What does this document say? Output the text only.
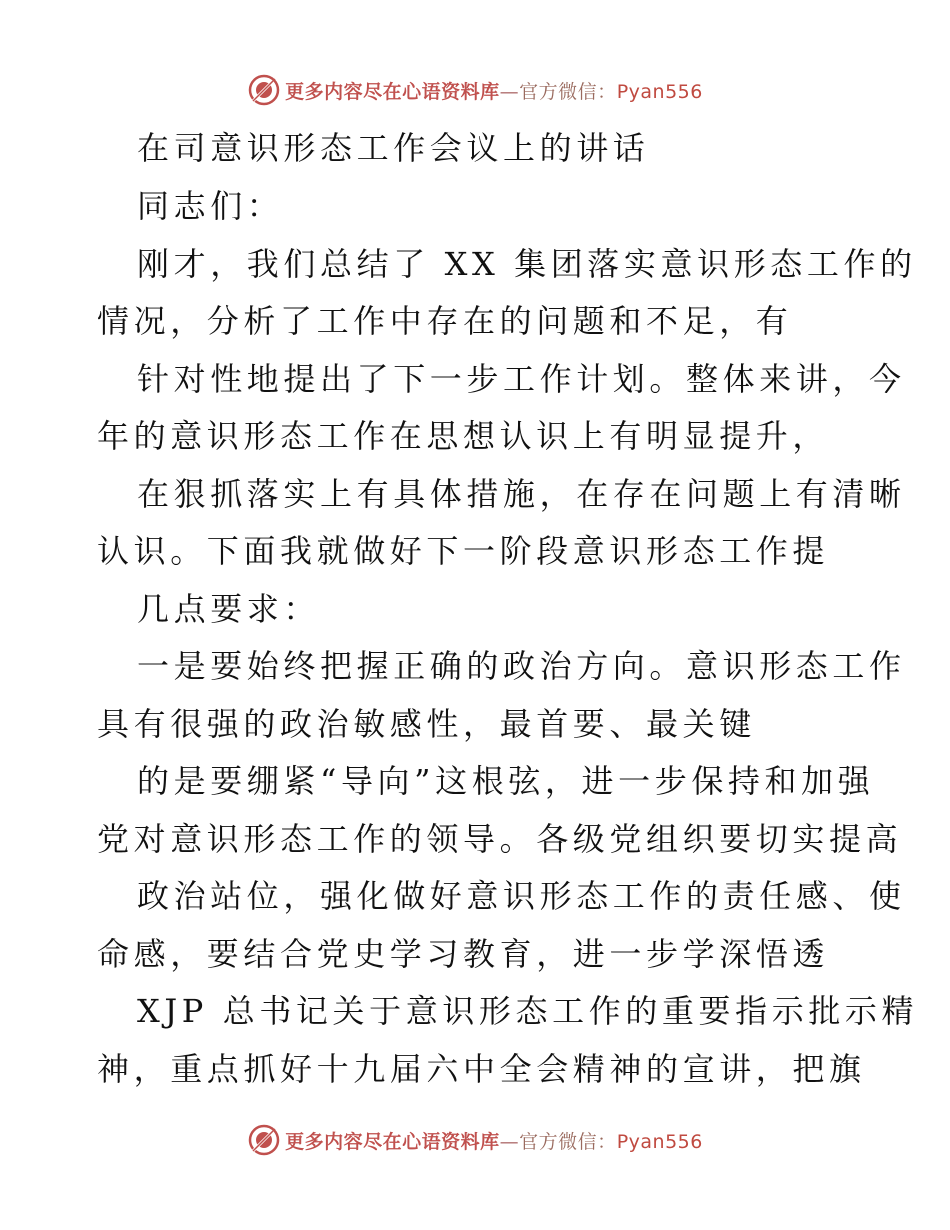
更多内容尽在心语资料库—官方微信：Pyan556
在司意识形态工作会议上的讲话
同志们：
刚才，我们总结了 XX 集团落实意识形态工作的
情况，分析了工作中存在的问题和不足，有
针对性地提出了下一步工作计划。整体来讲，今
年的意识形态工作在思想认识上有明显提升，
在狠抓落实上有具体措施，在存在问题上有清晰
认识。下面我就做好下一阶段意识形态工作提
几点要求：
一是要始终把握正确的政治方向。意识形态工作
具有很强的政治敏感性，最首要、最关键
的是要绷紧“导向”这根弦，进一步保持和加强
党对意识形态工作的领导。各级党组织要切实提高
政治站位，强化做好意识形态工作的责任感、使
命感，要结合党史学习教育，进一步学深悟透
XJP 总书记关于意识形态工作的重要指示批示精
神，重点抓好十九届六中全会精神的宣讲，把旗
更多内容尽在心语资料库—官方微信：Pyan556
